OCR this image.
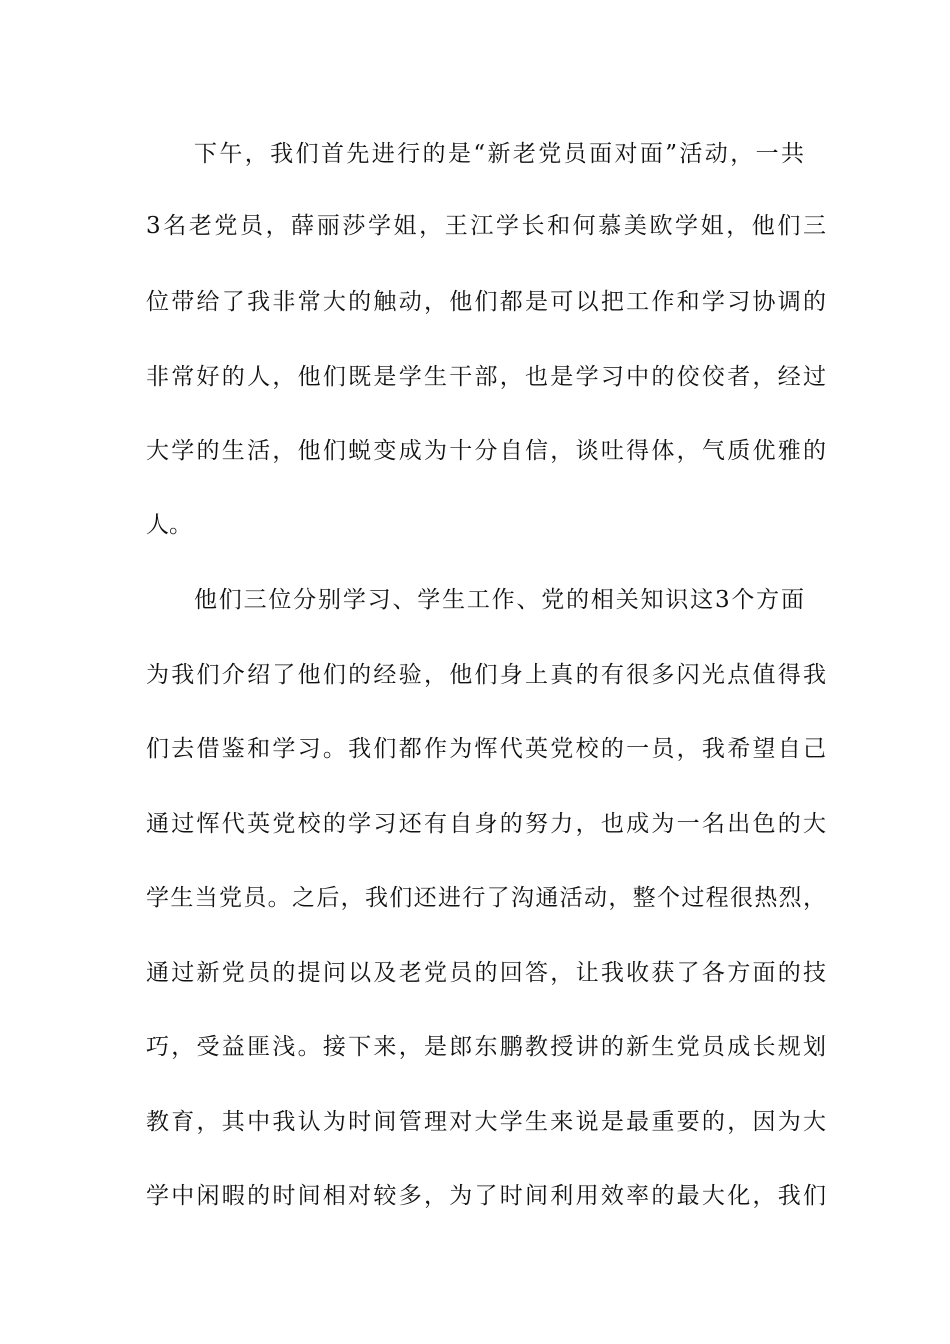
下午，我们首先进行的是“新老党员面对面”活动，一共
3名老党员，薛丽莎学姐，王江学长和何慕美欧学姐，他们三
位带给了我非常大的触动，他们都是可以把工作和学习协调的
非常好的人，他们既是学生干部，也是学习中的佼佼者，经过
大学的生活，他们蜕变成为十分自信，谈吐得体，气质优雅的
人。
他们三位分别学习、学生工作、党的相关知识这3个方面
为我们介绍了他们的经验，他们身上真的有很多闪光点值得我
们去借鉴和学习。我们都作为恽代英党校的一员，我希望自己
通过恽代英党校的学习还有自身的努力，也成为一名出色的大
学生当党员。之后，我们还进行了沟通活动，整个过程很热烈，
通过新党员的提问以及老党员的回答，让我收获了各方面的技
巧，受益匪浅。接下来，是郎东鹏教授讲的新生党员成长规划
教育，其中我认为时间管理对大学生来说是最重要的，因为大
学中闲暇的时间相对较多，为了时间利用效率的最大化，我们
